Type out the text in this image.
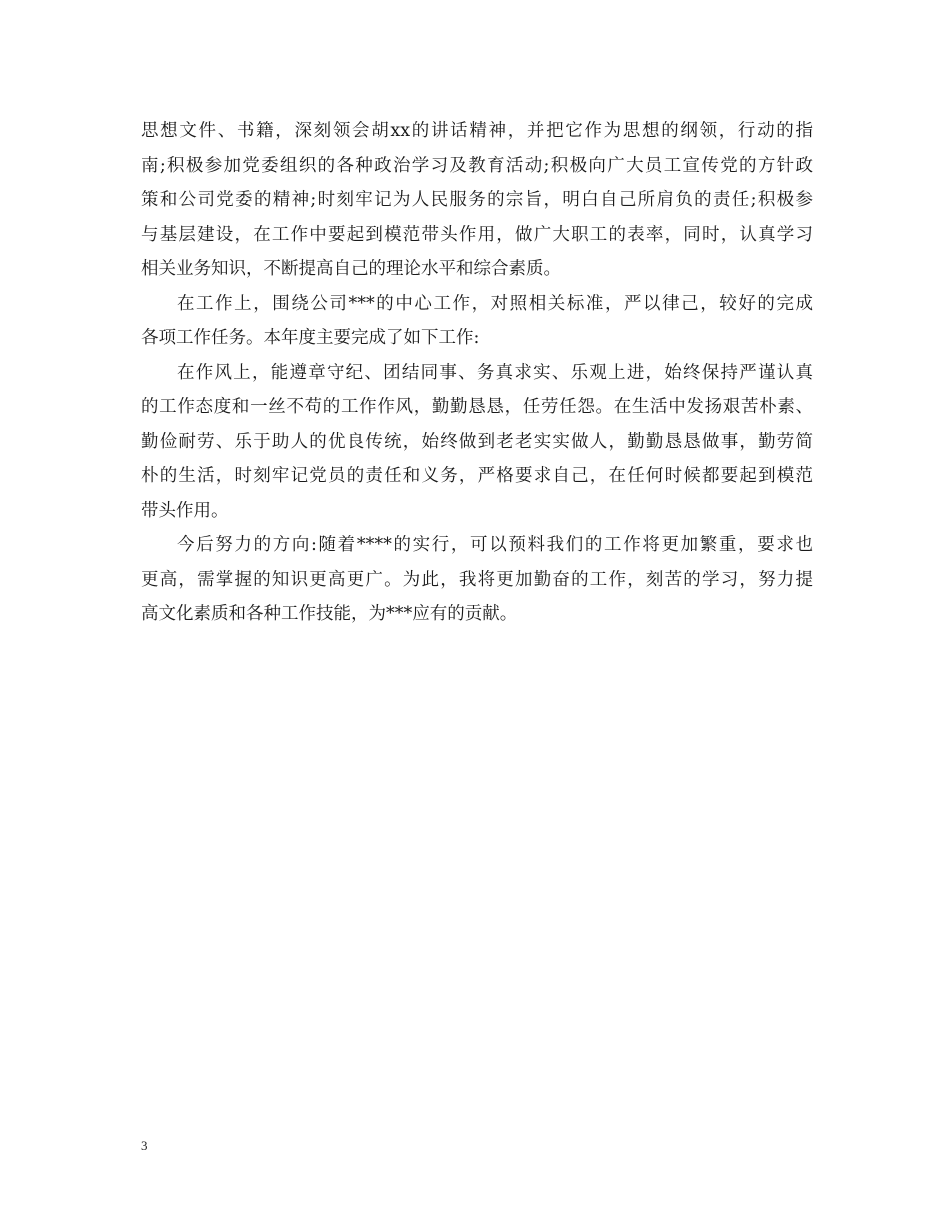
思想文件、书籍，深刻领会胡xx的讲话精神，并把它作为思想的纲领，行动的指
南;积极参加党委组织的各种政治学习及教育活动;积极向广大员工宣传党的方针政
策和公司党委的精神;时刻牢记为人民服务的宗旨，明白自己所肩负的责任;积极参
与基层建设，在工作中要起到模范带头作用，做广大职工的表率，同时，认真学习
相关业务知识，不断提高自己的理论水平和综合素质。
在工作上，围绕公司***的中心工作，对照相关标准，严以律己，较好的完成
各项工作任务。本年度主要完成了如下工作:
在作风上，能遵章守纪、团结同事、务真求实、乐观上进，始终保持严谨认真
的工作态度和一丝不苟的工作作风，勤勤恳恳，任劳任怨。在生活中发扬艰苦朴素、
勤俭耐劳、乐于助人的优良传统，始终做到老老实实做人，勤勤恳恳做事，勤劳简
朴的生活，时刻牢记党员的责任和义务，严格要求自己，在任何时候都要起到模范
带头作用。
今后努力的方向:随着****的实行，可以预料我们的工作将更加繁重，要求也
更高，需掌握的知识更高更广。为此，我将更加勤奋的工作，刻苦的学习，努力提
高文化素质和各种工作技能，为***应有的贡献。
3
